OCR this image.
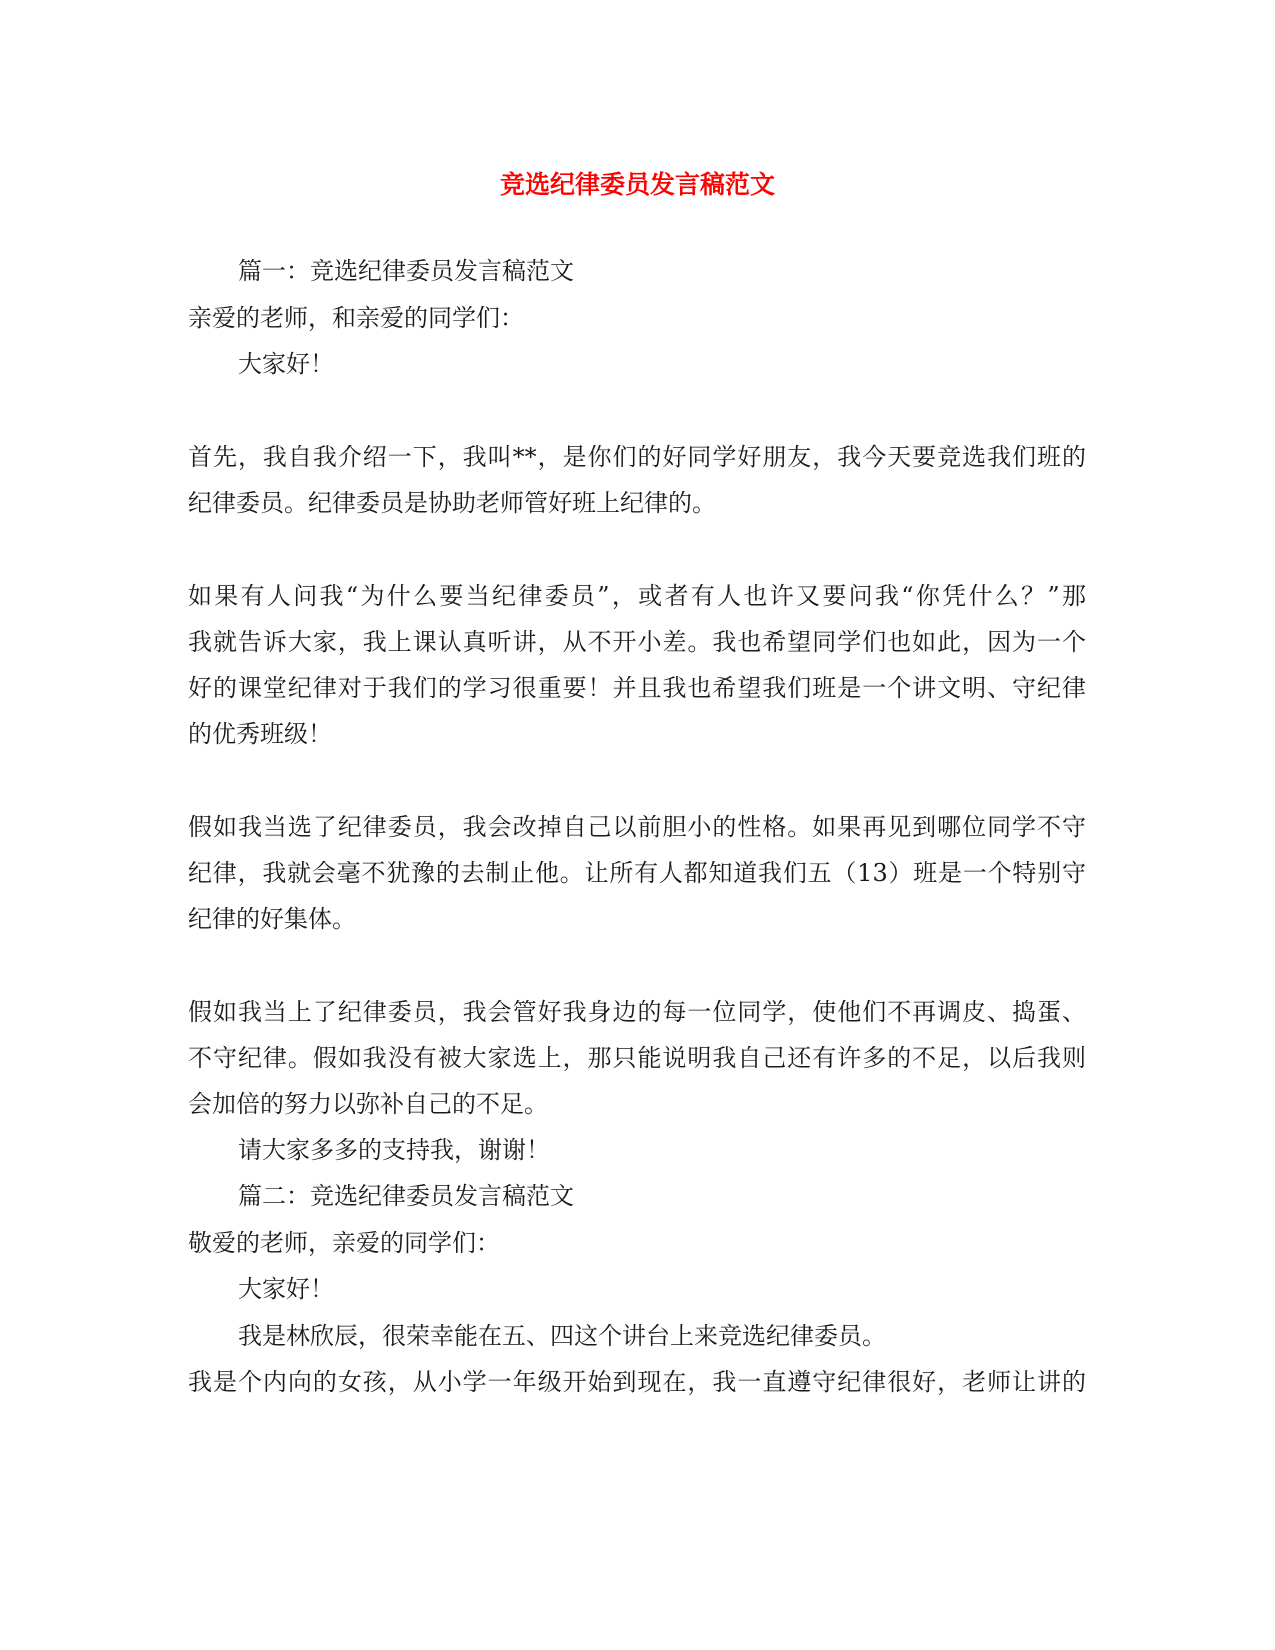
竞选纪律委员发言稿范文

篇一：竞选纪律委员发言稿范文

亲爱的老师，和亲爱的同学们：

大家好！

首先，我自我介绍一下，我叫**，是你们的好同学好朋友，我今天要竞选我们班的

纪律委员。纪律委员是协助老师管好班上纪律的。

如果有人问我“为什么要当纪律委员”，或者有人也许又要问我“你凭什么？”那

我就告诉大家，我上课认真听讲，从不开小差。我也希望同学们也如此，因为一个

好的课堂纪律对于我们的学习很重要！并且我也希望我们班是一个讲文明、守纪律

的优秀班级！

假如我当选了纪律委员，我会改掉自己以前胆小的性格。如果再见到哪位同学不守

纪律，我就会毫不犹豫的去制止他。让所有人都知道我们五（13）班是一个特别守

纪律的好集体。

假如我当上了纪律委员，我会管好我身边的每一位同学，使他们不再调皮、捣蛋、

不守纪律。假如我没有被大家选上，那只能说明我自己还有许多的不足，以后我则

会加倍的努力以弥补自己的不足。

请大家多多的支持我，谢谢！

篇二：竞选纪律委员发言稿范文

敬爱的老师，亲爱的同学们：

大家好！

我是林欣辰，很荣幸能在五、四这个讲台上来竞选纪律委员。

我是个内向的女孩，从小学一年级开始到现在，我一直遵守纪律很好，老师让讲的
